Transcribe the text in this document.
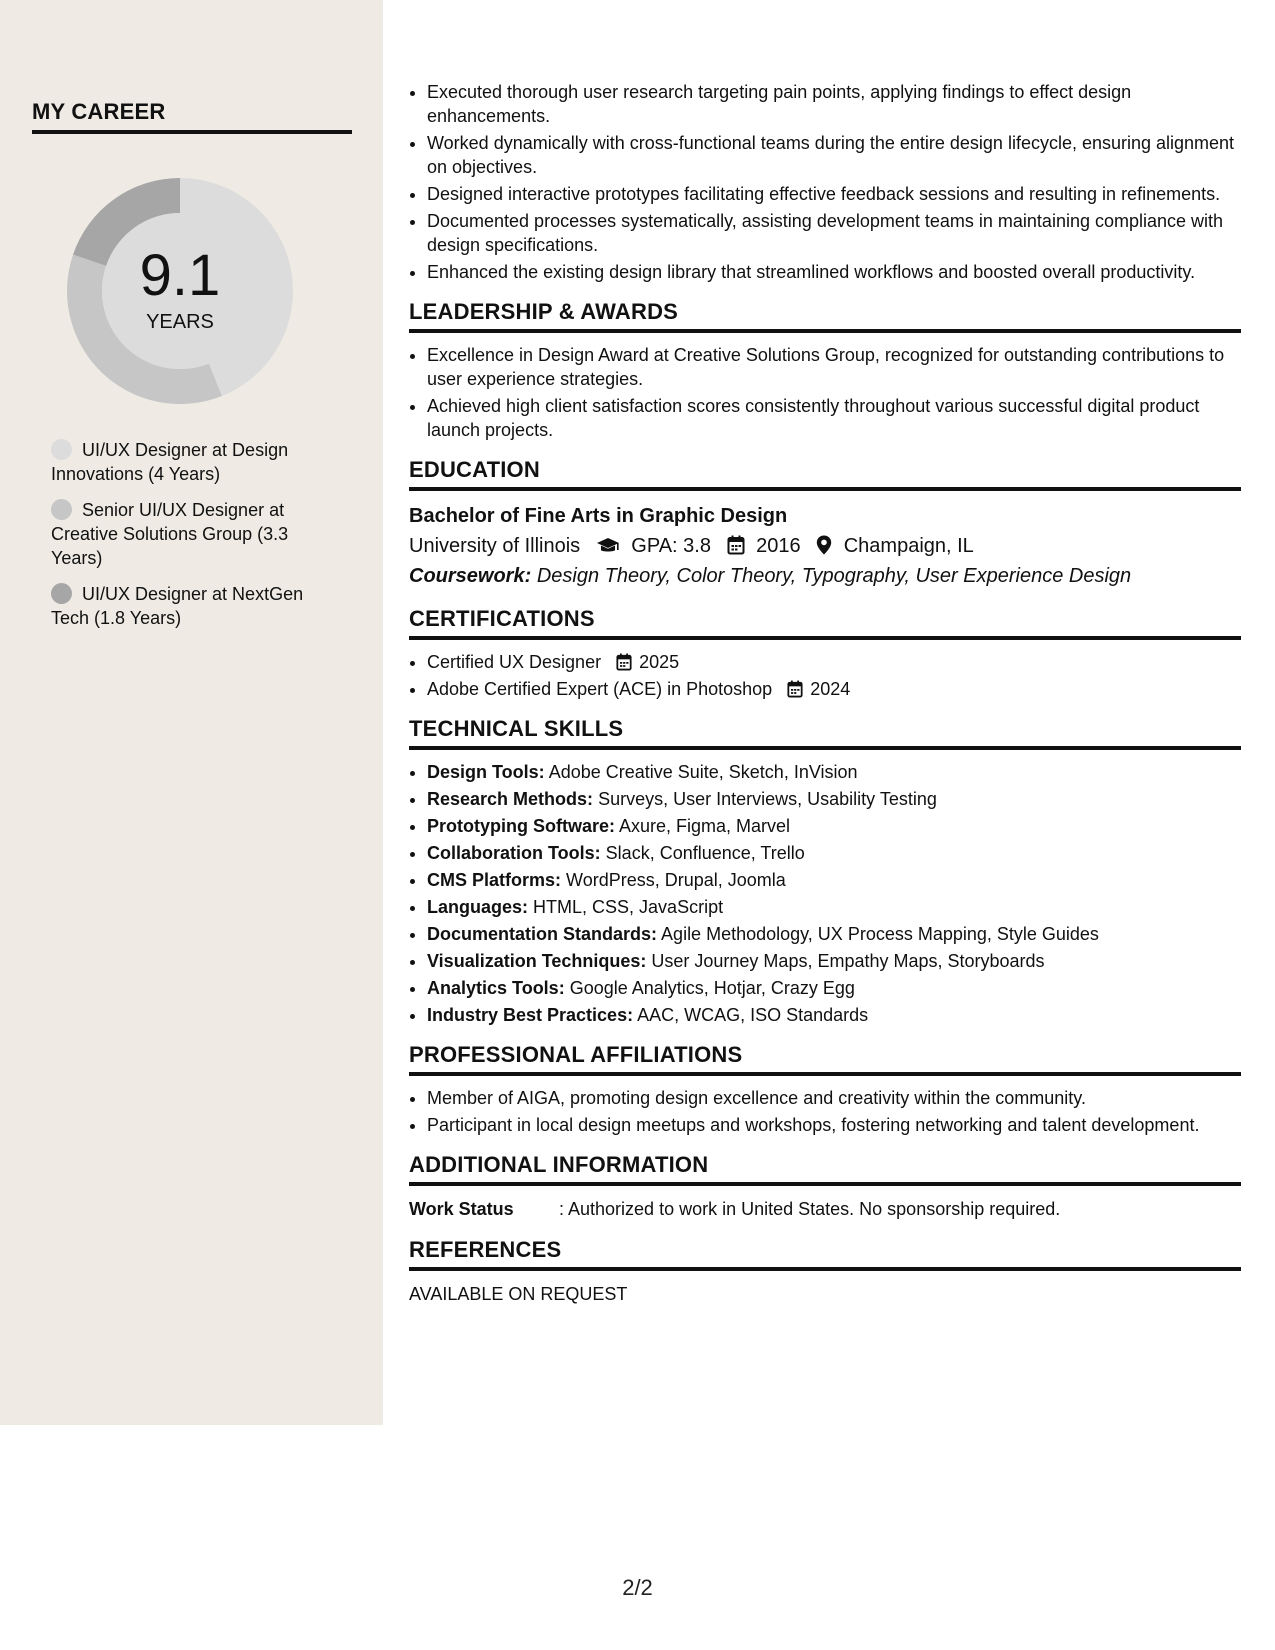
MY CAREER
9.1
YEARS
UI/UX Designer at Design Innovations (4 Years)
Senior UI/UX Designer at Creative Solutions Group (3.3 Years)
UI/UX Designer at NextGen Tech (1.8 Years)
• Executed thorough user research targeting pain points, applying findings to effect design enhancements.
• Worked dynamically with cross-functional teams during the entire design lifecycle, ensuring alignment on objectives.
• Designed interactive prototypes facilitating effective feedback sessions and resulting in refinements.
• Documented processes systematically, assisting development teams in maintaining compliance with design specifications.
• Enhanced the existing design library that streamlined workflows and boosted overall productivity.
LEADERSHIP & AWARDS
• Excellence in Design Award at Creative Solutions Group, recognized for outstanding contributions to user experience strategies.
• Achieved high client satisfaction scores consistently throughout various successful digital product launch projects.
EDUCATION
Bachelor of Fine Arts in Graphic Design
University of Illinois	GPA: 3.8 2016 Champaign, IL
Coursework: Design Theory, Color Theory, Typography, User Experience Design
CERTIFICATIONS
• Certified UX Designer 2025
• Adobe Certified Expert (ACE) in Photoshop 2024
TECHNICAL SKILLS
• Design Tools: Adobe Creative Suite, Sketch, InVision
• Research Methods: Surveys, User Interviews, Usability Testing
• Prototyping Software: Axure, Figma, Marvel
• Collaboration Tools: Slack, Confluence, Trello
• CMS Platforms: WordPress, Drupal, Joomla
• Languages: HTML, CSS, JavaScript
• Documentation Standards: Agile Methodology, UX Process Mapping, Style Guides
• Visualization Techniques: User Journey Maps, Empathy Maps, Storyboards
• Analytics Tools: Google Analytics, Hotjar, Crazy Egg
• Industry Best Practices: AAC, WCAG, ISO Standards
PROFESSIONAL AFFILIATIONS
• Member of AIGA, promoting design excellence and creativity within the community.
• Participant in local design meetups and workshops, fostering networking and talent development.
ADDITIONAL INFORMATION
Work Status	: Authorized to work in United States. No sponsorship required.
REFERENCES
AVAILABLE ON REQUEST
2/2
